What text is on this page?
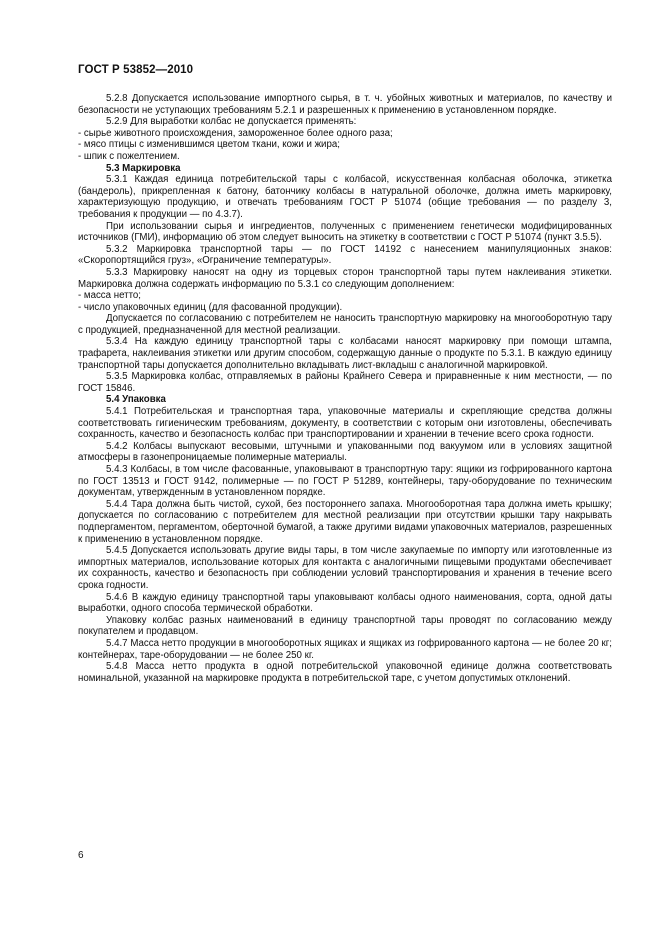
ГОСТ Р 53852—2010

5.2.8 Допускается использование импортного сырья, в т. ч. убойных животных и материалов, по качеству и безопасности не уступающих требованиям 5.2.1 и разрешенных к применению в установленном порядке.

5.2.9 Для выработки колбас не допускается применять:

- сырье животного происхождения, замороженное более одного раза;

- мясо птицы с изменившимся цветом ткани, кожи и жира;

- шпик с пожелтением.

5.3 Маркировка

5.3.1 Каждая единица потребительской тары с колбасой, искусственная колбасная оболочка, этикетка (бандероль), прикрепленная к батону, батончику колбасы в натуральной оболочке, должна иметь маркировку, характеризующую продукцию, и отвечать требованиям ГОСТ Р 51074 (общие требования — по разделу 3, требования к продукции — по 4.3.7).

При использовании сырья и ингредиентов, полученных с применением генетически модифицированных источников (ГМИ), информацию об этом следует выносить на этикетку в соответствии с ГОСТ Р 51074 (пункт 3.5.5).

5.3.2 Маркировка транспортной тары — по ГОСТ 14192 с нанесением манипуляционных знаков: «Скоропортящийся груз», «Ограничение температуры».

5.3.3 Маркировку наносят на одну из торцевых сторон транспортной тары путем наклеивания этикетки. Маркировка должна содержать информацию по 5.3.1 со следующим дополнением:

- масса нетто;

- число упаковочных единиц (для фасованной продукции).

Допускается по согласованию с потребителем не наносить транспортную маркировку на многооборотную тару с продукцией, предназначенной для местной реализации.

5.3.4 На каждую единицу транспортной тары с колбасами наносят маркировку при помощи штампа, трафарета, наклеивания этикетки или другим способом, содержащую данные о продукте по 5.3.1. В каждую единицу транспортной тары допускается дополнительно вкладывать лист-вкладыш с аналогичной маркировкой.

5.3.5 Маркировка колбас, отправляемых в районы Крайнего Севера и приравненные к ним местности, — по ГОСТ 15846.

5.4 Упаковка

5.4.1 Потребительская и транспортная тара, упаковочные материалы и скрепляющие средства должны соответствовать гигиеническим требованиям, документу, в соответствии с которым они изготовлены, обеспечивать сохранность, качество и безопасность колбас при транспортировании и хранении в течение всего срока годности.

5.4.2 Колбасы выпускают весовыми, штучными и упакованными под вакуумом или в условиях защитной атмосферы в газонепроницаемые полимерные материалы.

5.4.3 Колбасы, в том числе фасованные, упаковывают в транспортную тару: ящики из гофрированного картона по ГОСТ 13513 и ГОСТ 9142, полимерные — по ГОСТ Р 51289, контейнеры, тару-оборудование по техническим документам, утвержденным в установленном порядке.

5.4.4 Тара должна быть чистой, сухой, без постороннего запаха. Многооборотная тара должна иметь крышку; допускается по согласованию с потребителем для местной реализации при отсутствии крышки тару накрывать подпергаментом, пергаментом, оберточной бумагой, а также другими видами упаковочных материалов, разрешенных к применению в установленном порядке.

5.4.5 Допускается использовать другие виды тары, в том числе закупаемые по импорту или изготовленные из импортных материалов, использование которых для контакта с аналогичными пищевыми продуктами обеспечивает их сохранность, качество и безопасность при соблюдении условий транспортирования и хранения в течение всего срока годности.

5.4.6 В каждую единицу транспортной тары упаковывают колбасы одного наименования, сорта, одной даты выработки, одного способа термической обработки.

Упаковку колбас разных наименований в единицу транспортной тары проводят по согласованию между покупателем и продавцом.

5.4.7 Масса нетто продукции в многооборотных ящиках и ящиках из гофрированного картона — не более 20 кг; контейнерах, таре-оборудовании — не более 250 кг.

5.4.8 Масса нетто продукта в одной потребительской упаковочной единице должна соответствовать номинальной, указанной на маркировке продукта в потребительской таре, с учетом допустимых отклонений.

6
